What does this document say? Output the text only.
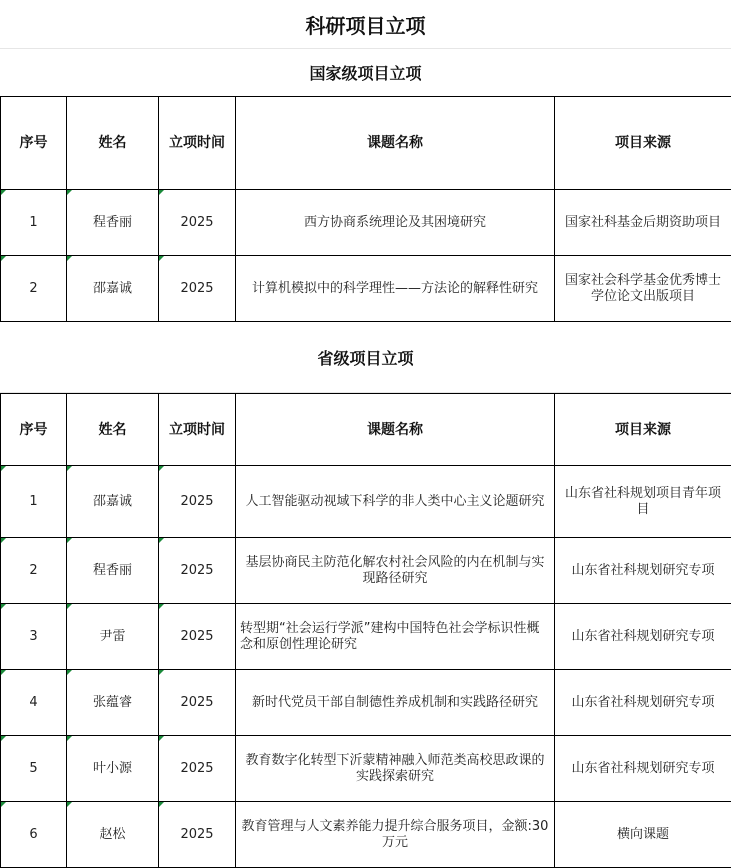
科研项目立项
国家级项目立项
序号	姓名	立项时间	课题名称	项目来源
1	程香丽	2025	西方协商系统理论及其困境研究	国家社科基金后期资助项目
2	邵嘉诚	2025	计算机模拟中的科学理性——方法论的解释性研究	国家社会科学基金优秀博士学位论文出版项目
省级项目立项
序号	姓名	立项时间	课题名称	项目来源
1	邵嘉诚	2025	人工智能驱动视域下科学的非人类中心主义论题研究	山东省社科规划项目青年项目
2	程香丽	2025	基层协商民主防范化解农村社会风险的内在机制与实现路径研究	山东省社科规划研究专项
3	尹雷	2025	转型期“社会运行学派”建构中国特色社会学标识性概念和原创性理论研究	山东省社科规划研究专项
4	张蕴睿	2025	新时代党员干部自制德性养成机制和实践路径研究	山东省社科规划研究专项
5	叶小源	2025	教育数字化转型下沂蒙精神融入师范类高校思政课的实践探索研究	山东省社科规划研究专项
6	赵松	2025	教育管理与人文素养能力提升综合服务项目，金额:30万元	横向课题
